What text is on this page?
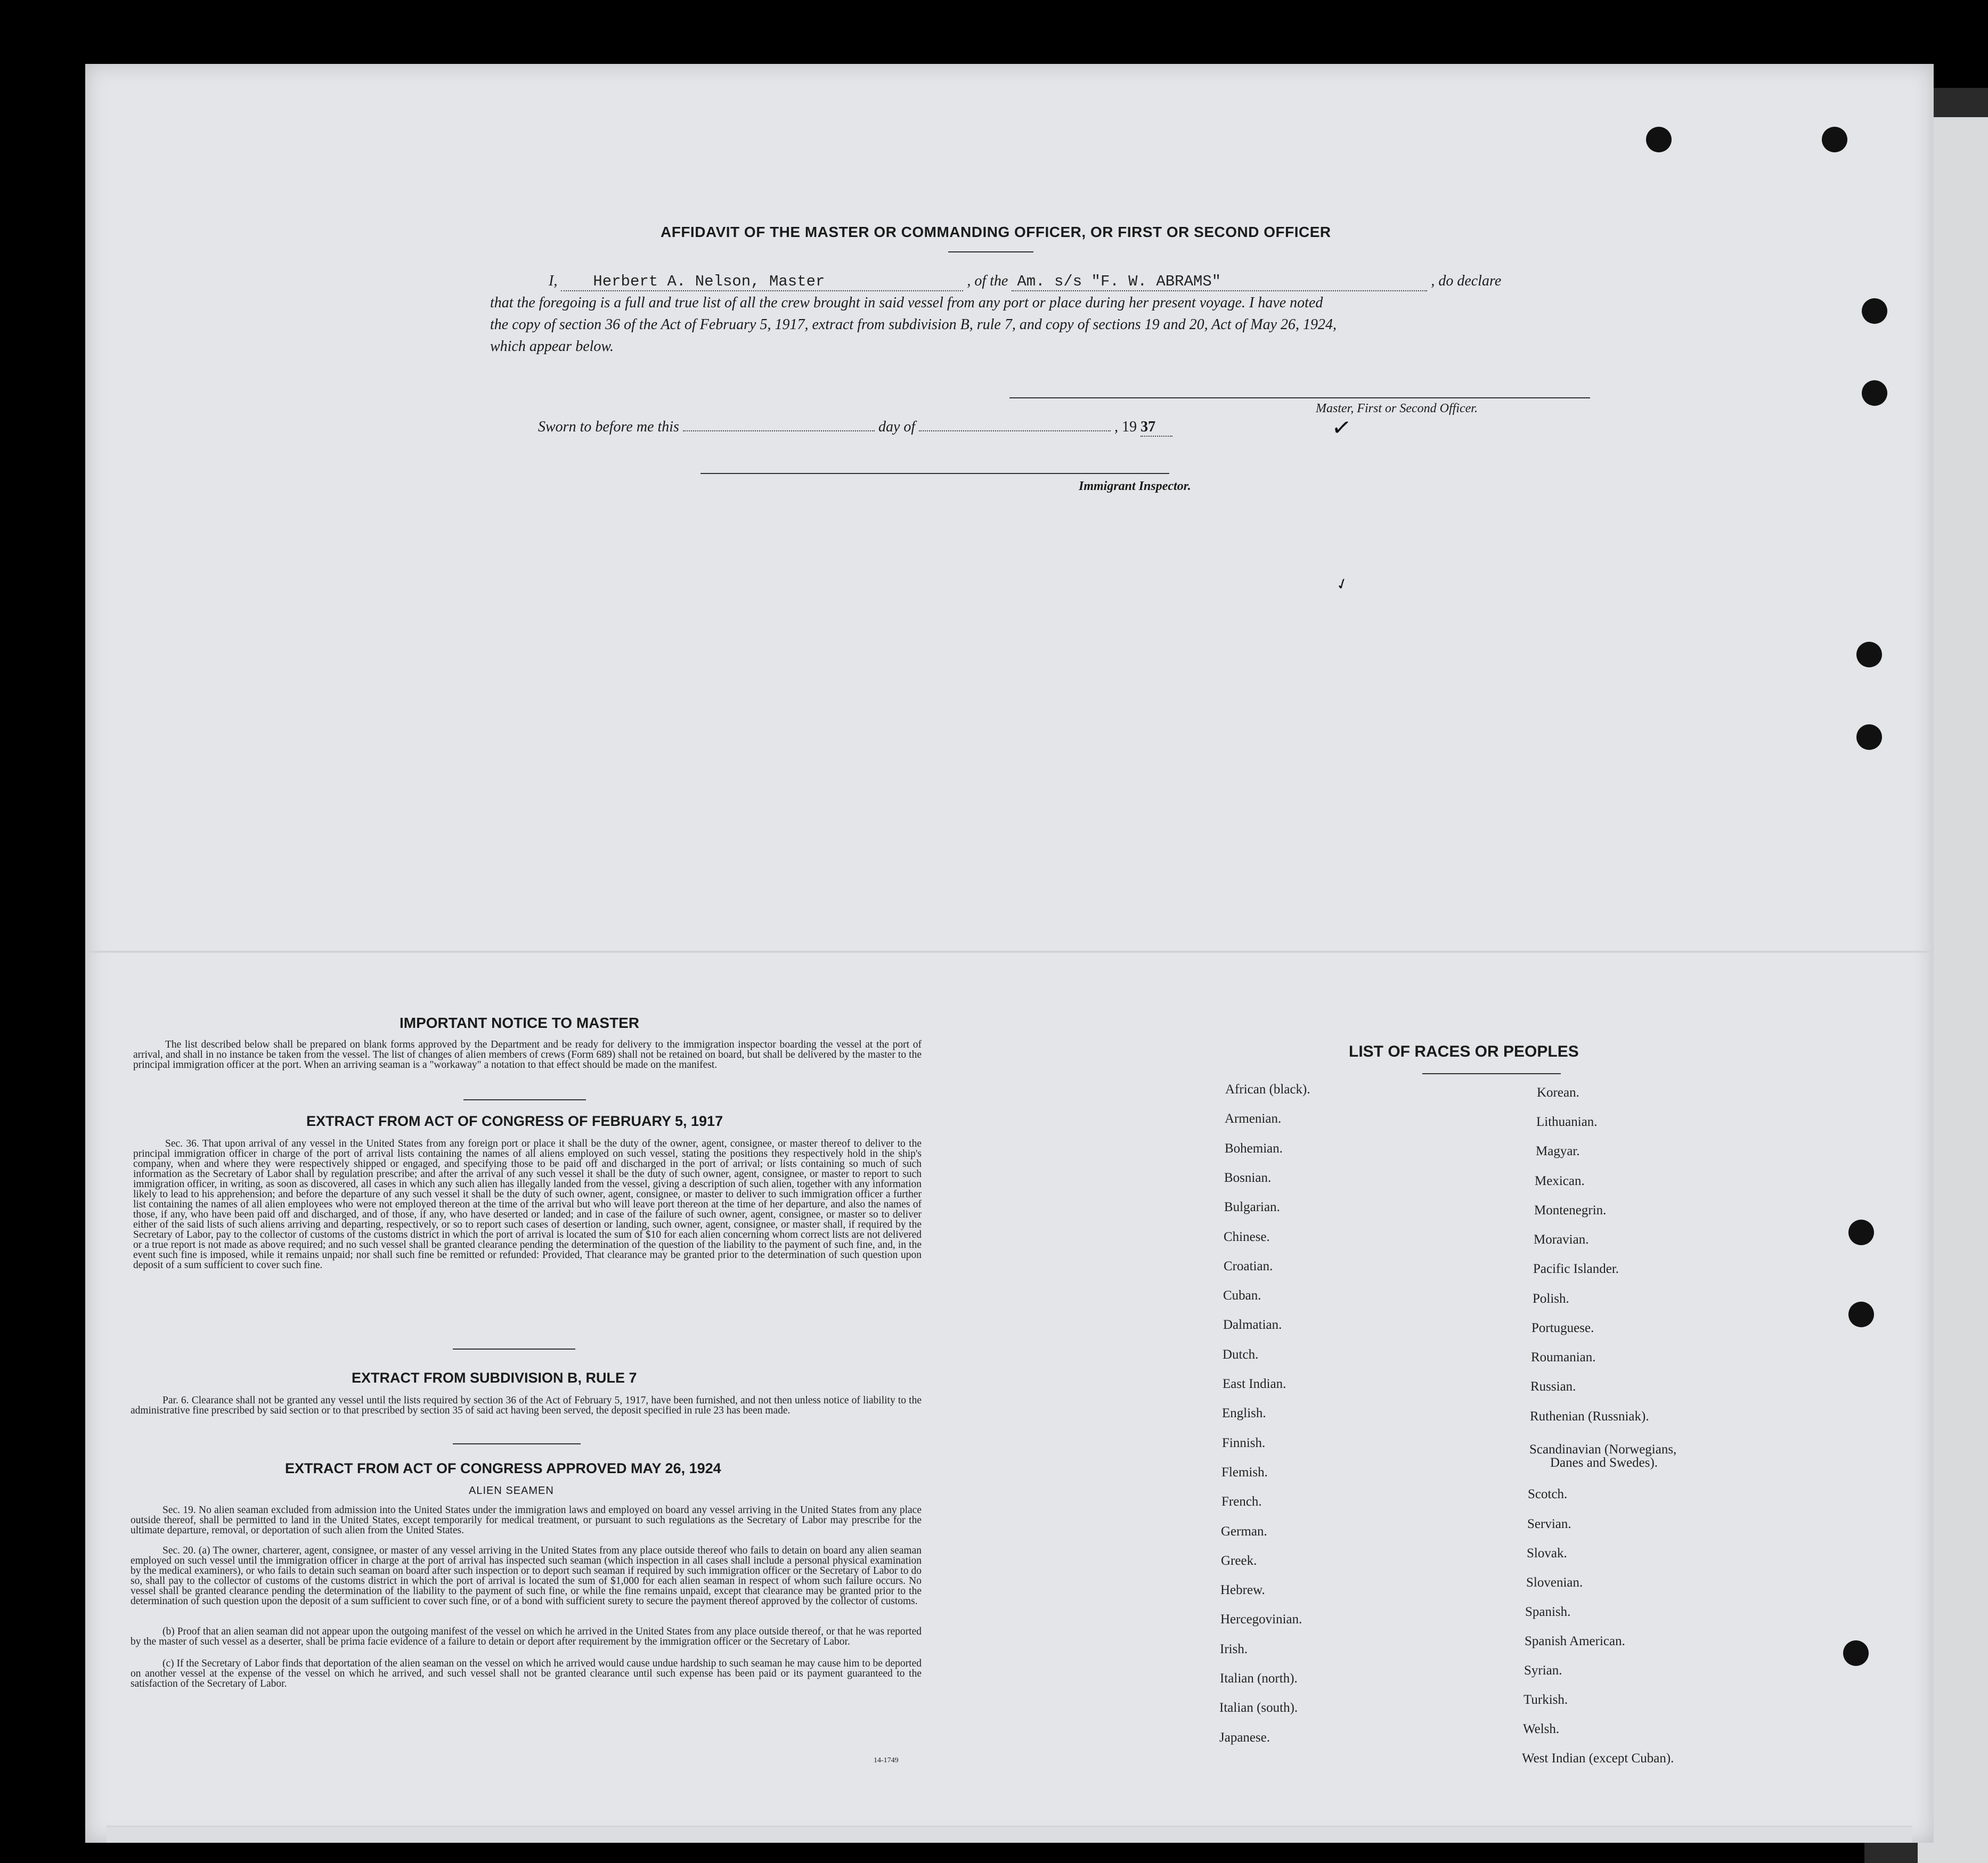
AFFIDAVIT OF THE MASTER OR COMMANDING OFFICER, OR FIRST OR SECOND OFFICER
I, Herbert A. Nelson, Master	, of the Am. s/s "F. W. ABRAMS"	, do declare
that the foregoing is a full and true list of all the crew brought in said vessel from any port or place during her present voyage. I have noted
the copy of section 36 of the Act of February 5, 1917, extract from subdivision B, rule 7, and copy of sections 19 and 20, Act of May 26, 1924,
which appear below.
Master, First or Second Officer.
Sworn to before me this	day of	, 19 37
Immigrant Inspector.
✓
✓
IMPORTANT NOTICE TO MASTER
The list described below shall be prepared on blank forms approved by the Department and be ready for delivery to the immigration inspector boarding the vessel at the port of arrival, and shall in no instance be taken from the vessel. The list of changes of alien members of crews (Form 689) shall not be retained on board, but shall be delivered by the master to the principal immigration officer at the port. When an arriving seaman is a "workaway" a notation to that effect should be made on the manifest.
EXTRACT FROM ACT OF CONGRESS OF FEBRUARY 5, 1917
Sec. 36. That upon arrival of any vessel in the United States from any foreign port or place it shall be the duty of the owner, agent, consignee, or master thereof to deliver to the principal immigration officer in charge of the port of arrival lists containing the names of all aliens employed on such vessel, stating the positions they respectively hold in the ship's company, when and where they were respectively shipped or engaged, and specifying those to be paid off and discharged in the port of arrival; or lists containing so much of such information as the Secretary of Labor shall by regulation prescribe; and after the arrival of any such vessel it shall be the duty of such owner, agent, consignee, or master to report to such immigration officer, in writing, as soon as discovered, all cases in which any such alien has illegally landed from the vessel, giving a description of such alien, together with any information likely to lead to his apprehension; and before the departure of any such vessel it shall be the duty of such owner, agent, consignee, or master to deliver to such immigration officer a further list containing the names of all alien employees who were not employed thereon at the time of the arrival but who will leave port thereon at the time of her departure, and also the names of those, if any, who have been paid off and discharged, and of those, if any, who have deserted or landed; and in case of the failure of such owner, agent, consignee, or master so to deliver either of the said lists of such aliens arriving and departing, respectively, or so to report such cases of desertion or landing, such owner, agent, consignee, or master shall, if required by the Secretary of Labor, pay to the collector of customs of the customs district in which the port of arrival is located the sum of $10 for each alien concerning whom correct lists are not delivered or a true report is not made as above required; and no such vessel shall be granted clearance pending the determination of the question of the liability to the payment of such fine, and, in the event such fine is imposed, while it remains unpaid; nor shall such fine be remitted or refunded: Provided, That clearance may be granted prior to the determination of such question upon deposit of a sum sufficient to cover such fine.
EXTRACT FROM SUBDIVISION B, RULE 7
Par. 6. Clearance shall not be granted any vessel until the lists required by section 36 of the Act of February 5, 1917, have been furnished, and not then unless notice of liability to the administrative fine prescribed by said section or to that prescribed by section 35 of said act having been served, the deposit specified in rule 23 has been made.
EXTRACT FROM ACT OF CONGRESS APPROVED MAY 26, 1924
ALIEN SEAMEN
Sec. 19. No alien seaman excluded from admission into the United States under the immigration laws and employed on board any vessel arriving in the United States from any place outside thereof, shall be permitted to land in the United States, except temporarily for medical treatment, or pursuant to such regulations as the Secretary of Labor may prescribe for the ultimate departure, removal, or deportation of such alien from the United States.
Sec. 20. (a) The owner, charterer, agent, consignee, or master of any vessel arriving in the United States from any place outside thereof who fails to detain on board any alien seaman employed on such vessel until the immigration officer in charge at the port of arrival has inspected such seaman (which inspection in all cases shall include a personal physical examination by the medical examiners), or who fails to detain such seaman on board after such inspection or to deport such seaman if required by such immigration officer or the Secretary of Labor to do so, shall pay to the collector of customs of the customs district in which the port of arrival is located the sum of $1,000 for each alien seaman in respect of whom such failure occurs. No vessel shall be granted clearance pending the determination of the liability to the payment of such fine, or while the fine remains unpaid, except that clearance may be granted prior to the determination of such question upon the deposit of a sum sufficient to cover such fine, or of a bond with sufficient surety to secure the payment thereof approved by the collector of customs.
(b) Proof that an alien seaman did not appear upon the outgoing manifest of the vessel on which he arrived in the United States from any place outside thereof, or that he was reported by the master of such vessel as a deserter, shall be prima facie evidence of a failure to detain or deport after requirement by the immigration officer or the Secretary of Labor.
(c) If the Secretary of Labor finds that deportation of the alien seaman on the vessel on which he arrived would cause undue hardship to such seaman he may cause him to be deported on another vessel at the expense of the vessel on which he arrived, and such vessel shall not be granted clearance until such expense has been paid or its payment guaranteed to the satisfaction of the Secretary of Labor.
14-1749
LIST OF RACES OR PEOPLES
African (black).
Armenian.
Bohemian.
Bosnian.
Bulgarian.
Chinese.
Croatian.
Cuban.
Dalmatian.
Dutch.
East Indian.
English.
Finnish.
Flemish.
French.
German.
Greek.
Hebrew.
Hercegovinian.
Irish.
Italian (north).
Italian (south).
Japanese.
Korean.
Lithuanian.
Magyar.
Mexican.
Montenegrin.
Moravian.
Pacific Islander.
Polish.
Portuguese.
Roumanian.
Russian.
Ruthenian (Russniak).
Scandinavian (Norwegians,
Danes and Swedes).
Scotch.
Servian.
Slovak.
Slovenian.
Spanish.
Spanish American.
Syrian.
Turkish.
Welsh.
West Indian (except Cuban).
